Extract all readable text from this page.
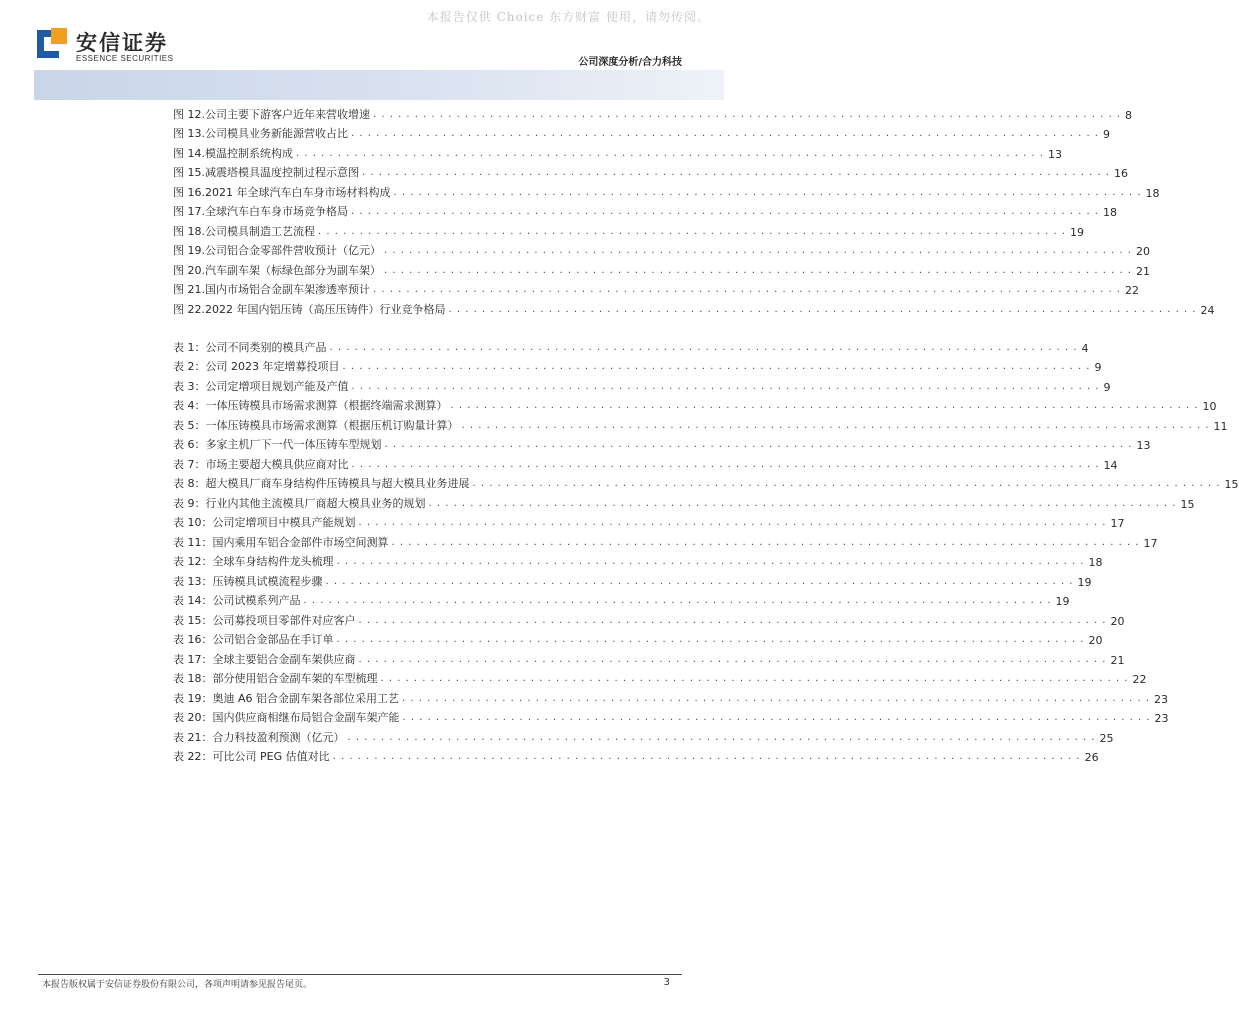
本报告仅供 Choice 东方财富 使用，请勿传阅。
安信证券
ESSENCE SECURITIES	公司深度分析/合力科技
图 12. 公司主要下游客户近年来营收增速 . . . . . . . . . . . . . . . . . . . . . . . . . . . . . . . . . . . . . . . . . . . . . . . . . . . . . . . . . . . . . . . . . . . . . . . . . . . . . . . . . . . . . . . . . . 8
图 13. 公司模具业务新能源营收占比 . . . . . . . . . . . . . . . . . . . . . . . . . . . . . . . . . . . . . . . . . . . . . . . . . . . . . . . . . . . . . . . . . . . . . . . . . . . . . . . . . . . . . . . . . . 9
图 14. 模温控制系统构成 . . . . . . . . . . . . . . . . . . . . . . . . . . . . . . . . . . . . . . . . . . . . . . . . . . . . . . . . . . . . . . . . . . . . . . . . . . . . . . . . . . . . . . . . . . 13
图 15. 减震塔模具温度控制过程示意图 . . . . . . . . . . . . . . . . . . . . . . . . . . . . . . . . . . . . . . . . . . . . . . . . . . . . . . . . . . . . . . . . . . . . . . . . . . . . . . . . . . . . . . . . . . 16
图 16. 2021 年全球汽车白车身市场材料构成 . . . . . . . . . . . . . . . . . . . . . . . . . . . . . . . . . . . . . . . . . . . . . . . . . . . . . . . . . . . . . . . . . . . . . . . . . . . . . . . . . . . . . . . . . . 18
图 17. 全球汽车白车身市场竞争格局 . . . . . . . . . . . . . . . . . . . . . . . . . . . . . . . . . . . . . . . . . . . . . . . . . . . . . . . . . . . . . . . . . . . . . . . . . . . . . . . . . . . . . . . . . . 18
图 18. 公司模具制造工艺流程 . . . . . . . . . . . . . . . . . . . . . . . . . . . . . . . . . . . . . . . . . . . . . . . . . . . . . . . . . . . . . . . . . . . . . . . . . . . . . . . . . . . . . . . . . . 19
图 19. 公司铝合金零部件营收预计（亿元） . . . . . . . . . . . . . . . . . . . . . . . . . . . . . . . . . . . . . . . . . . . . . . . . . . . . . . . . . . . . . . . . . . . . . . . . . . . . . . . . . . . . . . . . . . 20
图 20. 汽车副车架（标绿色部分为副车架） . . . . . . . . . . . . . . . . . . . . . . . . . . . . . . . . . . . . . . . . . . . . . . . . . . . . . . . . . . . . . . . . . . . . . . . . . . . . . . . . . . . . . . . . . . 21
图 21. 国内市场铝合金副车架渗透率预计 . . . . . . . . . . . . . . . . . . . . . . . . . . . . . . . . . . . . . . . . . . . . . . . . . . . . . . . . . . . . . . . . . . . . . . . . . . . . . . . . . . . . . . . . . . 22
图 22. 2022 年国内铝压铸（高压压铸件）行业竞争格局 . . . . . . . . . . . . . . . . . . . . . . . . . . . . . . . . . . . . . . . . . . . . . . . . . . . . . . . . . . . . . . . . . . . . . . . . . . . . . . . . . . . . . . . . . . 24
表 1： 公司不同类别的模具产品 . . . . . . . . . . . . . . . . . . . . . . . . . . . . . . . . . . . . . . . . . . . . . . . . . . . . . . . . . . . . . . . . . . . . . . . . . . . . . . . . . . . . . . . . . . 4
表 2： 公司 2023 年定增募投项目 . . . . . . . . . . . . . . . . . . . . . . . . . . . . . . . . . . . . . . . . . . . . . . . . . . . . . . . . . . . . . . . . . . . . . . . . . . . . . . . . . . . . . . . . . . 9
表 3： 公司定增项目规划产能及产值 . . . . . . . . . . . . . . . . . . . . . . . . . . . . . . . . . . . . . . . . . . . . . . . . . . . . . . . . . . . . . . . . . . . . . . . . . . . . . . . . . . . . . . . . . . 9
表 4： 一体压铸模具市场需求测算（根据终端需求测算） . . . . . . . . . . . . . . . . . . . . . . . . . . . . . . . . . . . . . . . . . . . . . . . . . . . . . . . . . . . . . . . . . . . . . . . . . . . . . . . . . . . . . . . . . . 10
表 5： 一体压铸模具市场需求测算（根据压机订购量计算） . . . . . . . . . . . . . . . . . . . . . . . . . . . . . . . . . . . . . . . . . . . . . . . . . . . . . . . . . . . . . . . . . . . . . . . . . . . . . . . . . . . . . . . . . . 11
表 6： 多家主机厂下一代一体压铸车型规划 . . . . . . . . . . . . . . . . . . . . . . . . . . . . . . . . . . . . . . . . . . . . . . . . . . . . . . . . . . . . . . . . . . . . . . . . . . . . . . . . . . . . . . . . . . 13
表 7： 市场主要超大模具供应商对比 . . . . . . . . . . . . . . . . . . . . . . . . . . . . . . . . . . . . . . . . . . . . . . . . . . . . . . . . . . . . . . . . . . . . . . . . . . . . . . . . . . . . . . . . . . 14
表 8： 超大模具厂商车身结构件压铸模具与超大模具业务进展 . . . . . . . . . . . . . . . . . . . . . . . . . . . . . . . . . . . . . . . . . . . . . . . . . . . . . . . . . . . . . . . . . . . . . . . . . . . . . . . . . . . . . . . . . . 15
表 9： 行业内其他主流模具厂商超大模具业务的规划 . . . . . . . . . . . . . . . . . . . . . . . . . . . . . . . . . . . . . . . . . . . . . . . . . . . . . . . . . . . . . . . . . . . . . . . . . . . . . . . . . . . . . . . . . . 15
表 10： 公司定增项目中模具产能规划 . . . . . . . . . . . . . . . . . . . . . . . . . . . . . . . . . . . . . . . . . . . . . . . . . . . . . . . . . . . . . . . . . . . . . . . . . . . . . . . . . . . . . . . . . . 17
表 11： 国内乘用车铝合金部件市场空间测算 . . . . . . . . . . . . . . . . . . . . . . . . . . . . . . . . . . . . . . . . . . . . . . . . . . . . . . . . . . . . . . . . . . . . . . . . . . . . . . . . . . . . . . . . . . 17
表 12： 全球车身结构件龙头梳理 . . . . . . . . . . . . . . . . . . . . . . . . . . . . . . . . . . . . . . . . . . . . . . . . . . . . . . . . . . . . . . . . . . . . . . . . . . . . . . . . . . . . . . . . . . 18
表 13： 压铸模具试模流程步骤 . . . . . . . . . . . . . . . . . . . . . . . . . . . . . . . . . . . . . . . . . . . . . . . . . . . . . . . . . . . . . . . . . . . . . . . . . . . . . . . . . . . . . . . . . . 19
表 14： 公司试模系列产品 . . . . . . . . . . . . . . . . . . . . . . . . . . . . . . . . . . . . . . . . . . . . . . . . . . . . . . . . . . . . . . . . . . . . . . . . . . . . . . . . . . . . . . . . . . 19
表 15： 公司募投项目零部件对应客户 . . . . . . . . . . . . . . . . . . . . . . . . . . . . . . . . . . . . . . . . . . . . . . . . . . . . . . . . . . . . . . . . . . . . . . . . . . . . . . . . . . . . . . . . . . 20
表 16： 公司铝合金部品在手订单 . . . . . . . . . . . . . . . . . . . . . . . . . . . . . . . . . . . . . . . . . . . . . . . . . . . . . . . . . . . . . . . . . . . . . . . . . . . . . . . . . . . . . . . . . . 20
表 17： 全球主要铝合金副车架供应商 . . . . . . . . . . . . . . . . . . . . . . . . . . . . . . . . . . . . . . . . . . . . . . . . . . . . . . . . . . . . . . . . . . . . . . . . . . . . . . . . . . . . . . . . . . 21
表 18： 部分使用铝合金副车架的车型梳理 . . . . . . . . . . . . . . . . . . . . . . . . . . . . . . . . . . . . . . . . . . . . . . . . . . . . . . . . . . . . . . . . . . . . . . . . . . . . . . . . . . . . . . . . . . 22
表 19： 奥迪 A6 铝合金副车架各部位采用工艺 . . . . . . . . . . . . . . . . . . . . . . . . . . . . . . . . . . . . . . . . . . . . . . . . . . . . . . . . . . . . . . . . . . . . . . . . . . . . . . . . . . . . . . . . . . 23
表 20： 国内供应商相继布局铝合金副车架产能 . . . . . . . . . . . . . . . . . . . . . . . . . . . . . . . . . . . . . . . . . . . . . . . . . . . . . . . . . . . . . . . . . . . . . . . . . . . . . . . . . . . . . . . . . . 23
表 21： 合力科技盈利预测（亿元） . . . . . . . . . . . . . . . . . . . . . . . . . . . . . . . . . . . . . . . . . . . . . . . . . . . . . . . . . . . . . . . . . . . . . . . . . . . . . . . . . . . . . . . . . . 25
表 22： 可比公司 PEG 估值对比 . . . . . . . . . . . . . . . . . . . . . . . . . . . . . . . . . . . . . . . . . . . . . . . . . . . . . . . . . . . . . . . . . . . . . . . . . . . . . . . . . . . . . . . . . . 26
本报告版权属于安信证券股份有限公司，各项声明请参见报告尾页。	3
